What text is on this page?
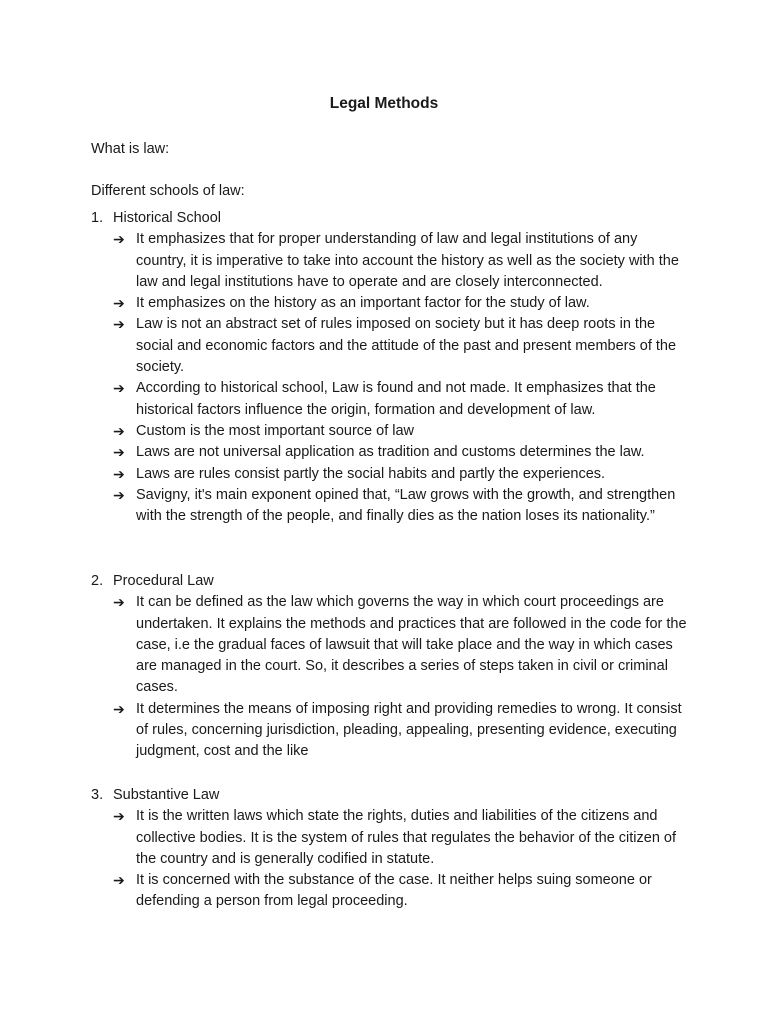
Legal Methods
What is law:
Different schools of law:
1. Historical School
➔ It emphasizes that for proper understanding of law and legal institutions of any country, it is imperative to take into account the history as well as the society with the law and legal institutions have to operate and are closely interconnected.
➔ It emphasizes on the history as an important factor for the study of law.
➔ Law is not an abstract set of rules imposed on society but it has deep roots in the social and economic factors and the attitude of the past and present members of the society.
➔ According to historical school, Law is found and not made. It emphasizes that the historical factors influence the origin, formation and development of law.
➔ Custom is the most important source of law
➔ Laws are not universal application as tradition and customs determines the law.
➔ Laws are rules consist partly the social habits and partly the experiences.
➔ Savigny, it's main exponent opined that, “Law grows with the growth, and strengthen with the strength of the people, and finally dies as the nation loses its nationality.”
2. Procedural Law
➔ It can be defined as the law which governs the way in which court proceedings are undertaken. It explains the methods and practices that are followed in the code for the case, i.e the gradual faces of lawsuit that will take place and the way in which cases are managed in the court. So, it describes a series of steps taken in civil or criminal cases.
➔ It determines the means of imposing right and providing remedies to wrong. It consist of rules, concerning jurisdiction, pleading, appealing, presenting evidence, executing judgment, cost and the like
3. Substantive Law
➔ It is the written laws which state the rights, duties and liabilities of the citizens and collective bodies. It is the system of rules that regulates the behavior of the citizen of the country and is generally codified in statute.
➔ It is concerned with the substance of the case. It neither helps suing someone or defending a person from legal proceeding.
